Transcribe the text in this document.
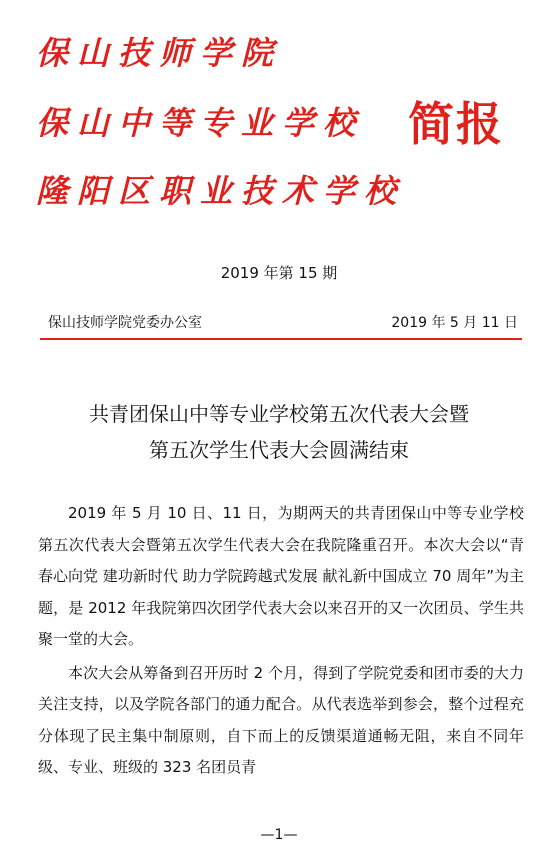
保山技师学院
保山中等专业学校
隆阳区职业技术学校
简报
2019 年第 15 期
保山技师学院党委办公室	2019 年 5 月 11 日
共青团保山中等专业学校第五次代表大会暨
第五次学生代表大会圆满结束

2019 年 5 月 10 日、11 日，为期两天的共青团保山中等专业学校第五次代表大会暨第五次学生代表大会在我院隆重召开。本次大会以“青春心向党 建功新时代 助力学院跨越式发展 献礼新中国成立 70 周年”为主题，是 2012 年我院第四次团学代表大会以来召开的又一次团员、学生共聚一堂的大会。

本次大会从筹备到召开历时 2 个月，得到了学院党委和团市委的大力关注支持，以及学院各部门的通力配合。从代表选举到参会，整个过程充分体现了民主集中制原则，自下而上的反馈渠道通畅无阻，来自不同年级、专业、班级的 323 名团员青

—1—
